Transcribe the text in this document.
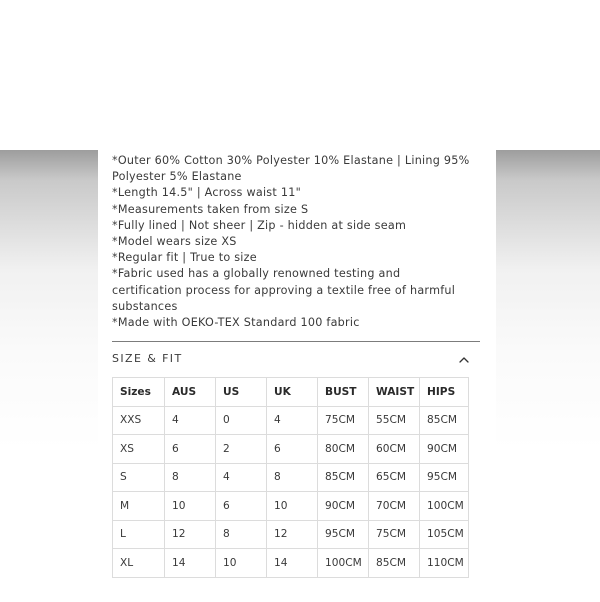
*Outer 60% Cotton 30% Polyester 10% Elastane | Lining 95%
Polyester 5% Elastane
*Length 14.5" | Across waist 11"
*Measurements taken from size S
*Fully lined | Not sheer | Zip - hidden at side seam
*Model wears size XS
*Regular fit | True to size
*Fabric used has a globally renowned testing and
certification process for approving a textile free of harmful
substances
*Made with OEKO-TEX Standard 100 fabric
SIZE & FIT
Sizes	AUS	US	UK	BUST	WAIST	HIPS
XXS	4	0	4	75CM	55CM	85CM
XS	6	2	6	80CM	60CM	90CM
S	8	4	8	85CM	65CM	95CM
M	10	6	10	90CM	70CM	100CM
L	12	8	12	95CM	75CM	105CM
XL	14	10	14	100CM	85CM	110CM
